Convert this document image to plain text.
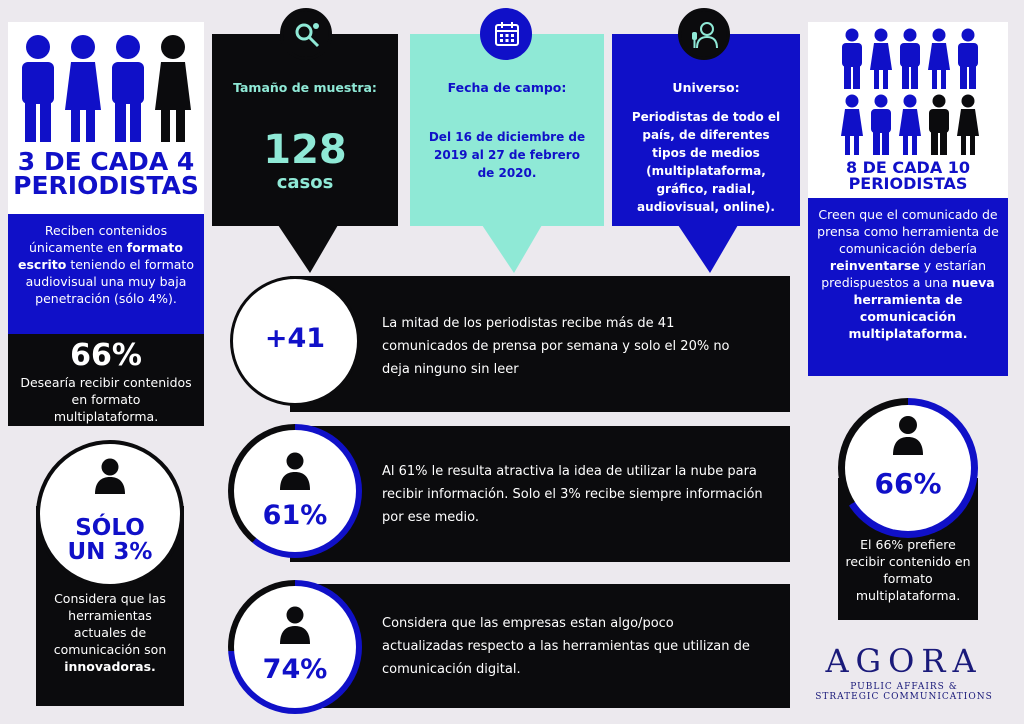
3 DE CADA 4
PERIODISTAS
Reciben contenidos únicamente en formato escrito teniendo el formato audiovisual una muy baja penetración (sólo 4%).
66%
Desearía recibir contenidos en formato multiplataforma.
Tamaño de muestra:
128
casos
Fecha de campo:
Del 16 de diciembre de 2019 al 27 de febrero de 2020.
Universo:
Periodistas de todo el país, de diferentes tipos de medios (multiplataforma, gráfico, radial, audiovisual, online).
8 DE CADA 10
PERIODISTAS
Creen que el comunicado de prensa como herramienta de comunicación debería reinventarse y estarían predispuestos a una nueva herramienta de comunicación multiplataforma.
66%
El 66% prefiere recibir contenido en formato multiplataforma.
La mitad de los periodistas recibe más de 41 comunicados de prensa por semana y solo el 20% no deja ninguno sin leer
+41
Al 61% le resulta atractiva la idea de utilizar la nube para recibir información. Solo el 3% recibe siempre información por ese medio.
61%
Considera que las empresas estan algo/poco actualizadas respecto a las herramientas que utilizan de comunicación digital.
74%
SÓLO
UN 3%
Considera que las herramientas actuales de comunicación son innovadoras.	AGORA
PUBLIC AFFAIRS &
STRATEGIC COMMUNICATIONS
